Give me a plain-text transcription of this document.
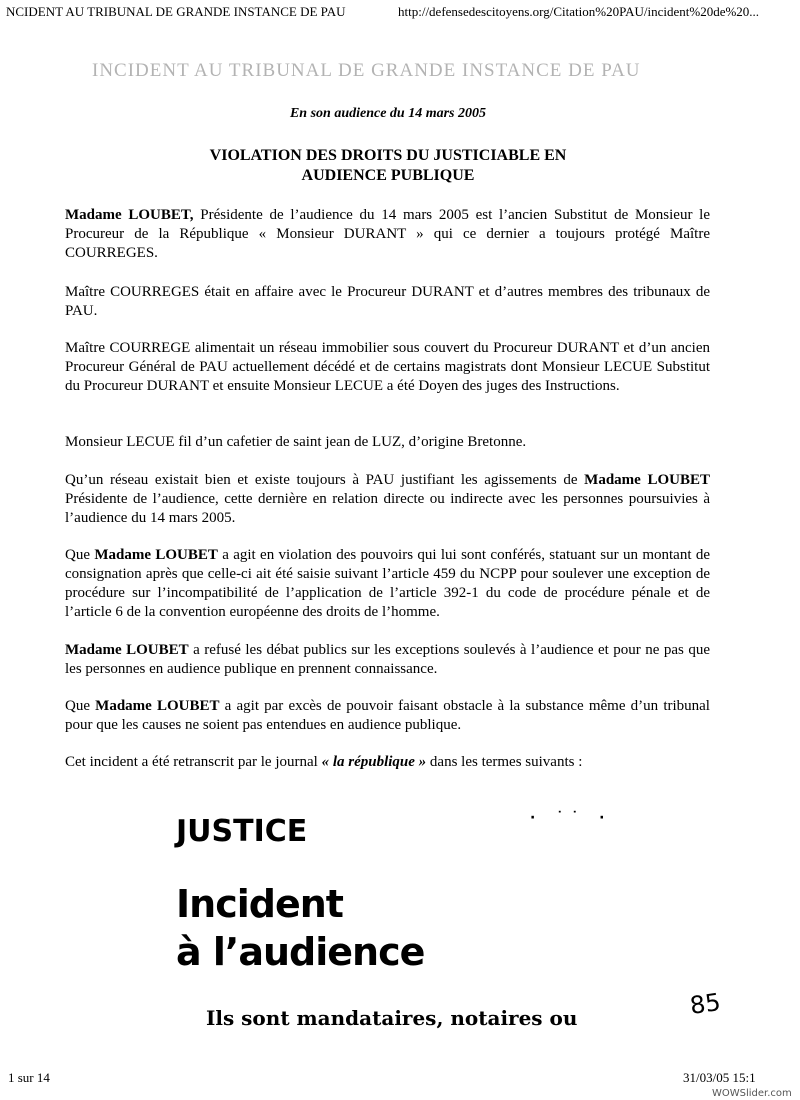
NCIDENT AU TRIBUNAL DE GRANDE INSTANCE DE PAU	http://defensedescitoyens.org/Citation%20PAU/incident%20de%20...
INCIDENT AU TRIBUNAL DE GRANDE INSTANCE DE PAU
En son audience du 14 mars 2005
VIOLATION DES DROITS DU JUSTICIABLE EN
AUDIENCE PUBLIQUE

Madame LOUBET, Présidente de l’audience du 14 mars 2005 est l’ancien Substitut de Monsieur le Procureur de la République « Monsieur DURANT » qui ce dernier a toujours protégé Maître COURREGES.

Maître COURREGES était en affaire avec le Procureur DURANT et d’autres membres des tribunaux de PAU.

Maître COURREGE alimentait un réseau immobilier sous couvert du Procureur DURANT et d’un ancien Procureur Général de PAU actuellement décédé et de certains magistrats dont Monsieur LECUE Substitut du Procureur DURANT et ensuite Monsieur LECUE a été Doyen des juges des Instructions.

Monsieur LECUE fil d’un cafetier de saint jean de LUZ, d’origine Bretonne.

Qu’un réseau existait bien et existe toujours à PAU justifiant les agissements de Madame LOUBET Présidente de l’audience, cette dernière en relation directe ou indirecte avec les personnes poursuivies à l’audience du 14 mars 2005.

Que Madame LOUBET a agit en violation des pouvoirs qui lui sont conférés, statuant sur un montant de consignation après que celle-ci ait été saisie suivant l’article 459 du NCPP pour soulever une exception de procédure sur l’incompatibilité de l’application de l’article 392-1 du code de procédure pénale et de l’article 6 de la convention européenne des droits de l’homme.

Madame LOUBET a refusé les débat publics sur les exceptions soulevés à l’audience et pour ne pas que les personnes en audience publique en prennent connaissance.

Que Madame LOUBET a agit par excès de pouvoir faisant obstacle à la substance même d’un tribunal pour que les causes ne soient pas entendues en audience publique.

Cet incident a été retranscrit par le journal « la république » dans les termes suivants :

JUSTICE	· ˙˙ ·
Incident
à l’audience
Ils sont mandataires, notaires ou	85
1 sur 14	31/03/05 15:1
WOWSlider.com
